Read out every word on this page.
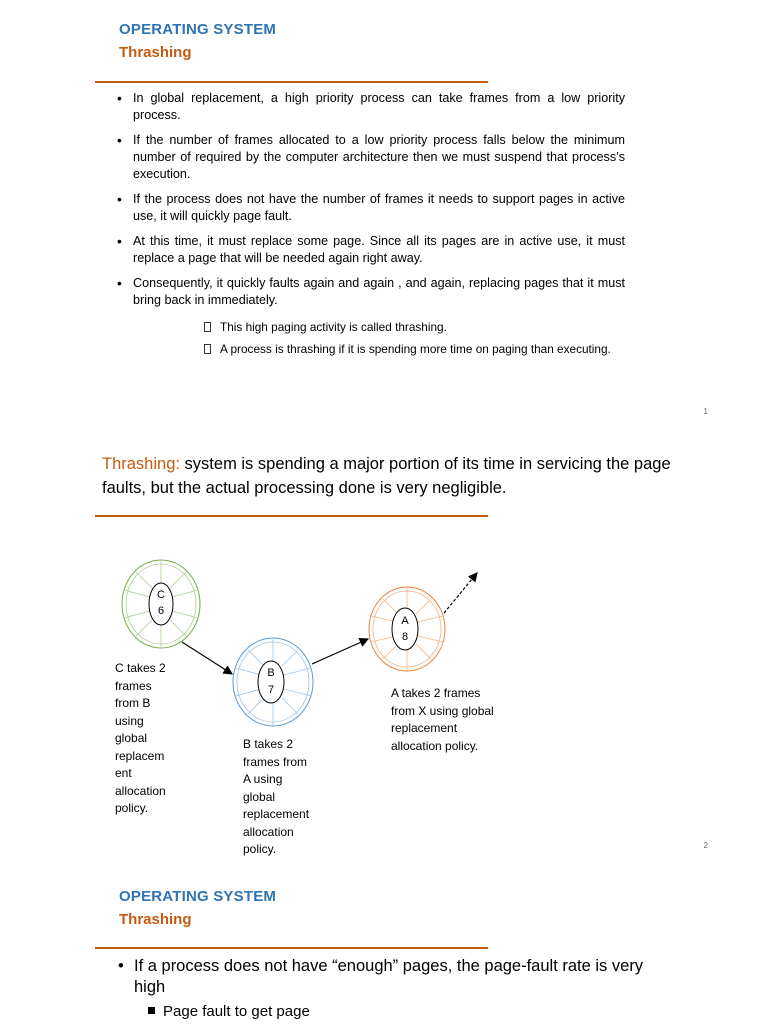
OPERATING SYSTEM
Thrashing
• In global replacement, a high priority process can take frames from a low priority process.
• If the number of frames allocated to a low priority process falls below the minimum number of required by the computer architecture then we must suspend that process’s execution.
• If the process does not have the number of frames it needs to support pages in active use, it will quickly page fault.
• At this time, it must replace some page. Since all its pages are in active use, it must replace a page that will be needed again right away.
• Consequently, it quickly faults again and again , and again, replacing pages that it must bring back in immediately.
This high paging activity is called thrashing.
A process is thrashing if it is spending more time on paging than executing.
1
Thrashing: system is spending a major portion of its time in servicing the page faults, but the actual processing done is very negligible.
C
6
B
7
A
8
C takes 2
frames
from B
using
global
replacem
ent
allocation
policy.
B takes 2
frames from
A using
global
replacement
allocation
policy.
A takes 2 frames
from X using global
replacement
allocation policy.
2
OPERATING SYSTEM
Thrashing
• If a process does not have “enough” pages, the page-fault rate is very high
Page fault to get page
